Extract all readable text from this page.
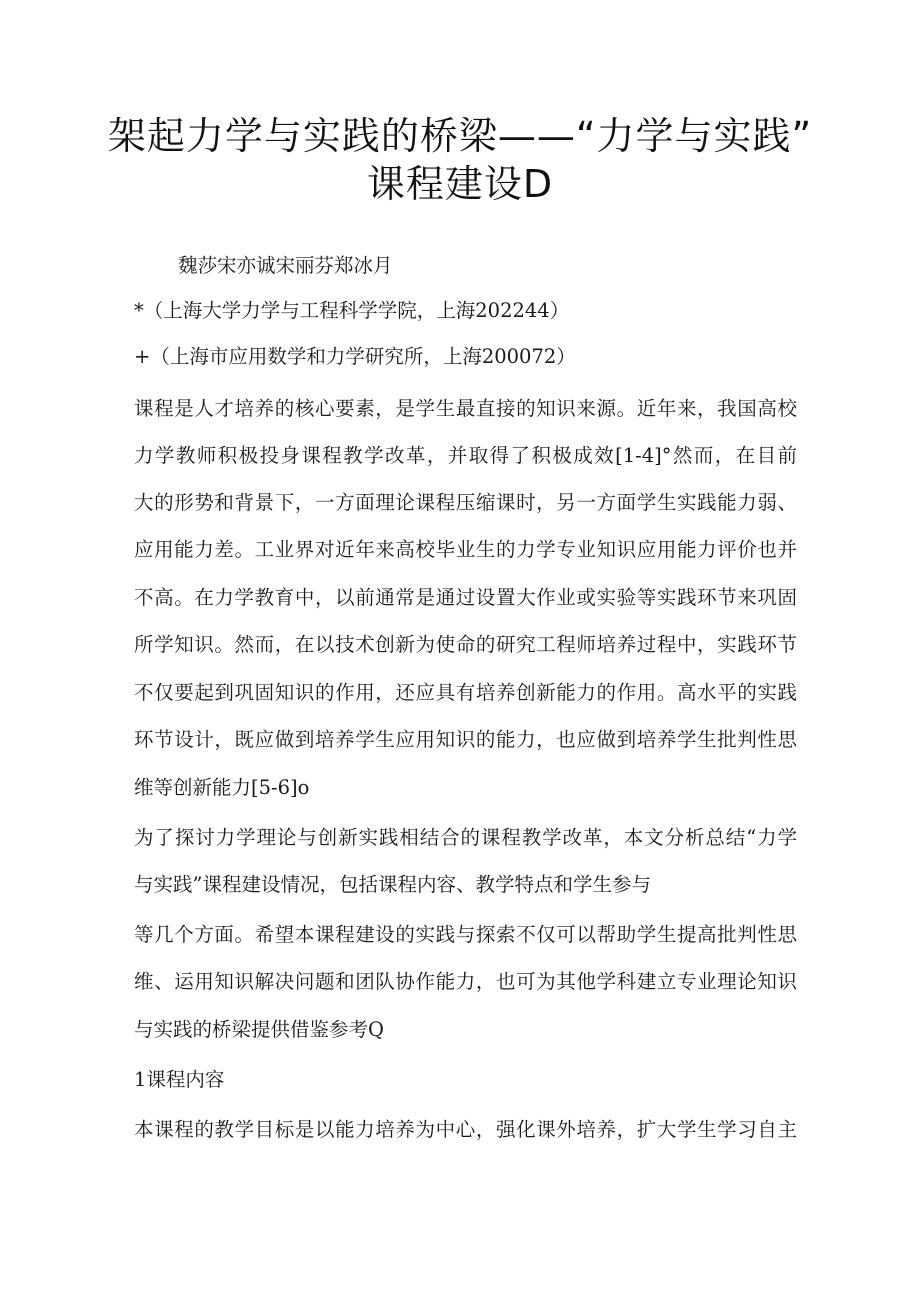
架起力学与实践的桥梁——“力学与实践”
课程建设D
魏莎宋亦诚宋丽芬郑冰月
*（上海大学力学与工程科学学院，上海202244）
+（上海市应用数学和力学研究所，上海200072）
课程是人才培养的核心要素，是学生最直接的知识来源。近年来，我国高校
力学教师积极投身课程教学改革，并取得了积极成效[1-4]°然而，在目前
大的形势和背景下，一方面理论课程压缩课时，另一方面学生实践能力弱、
应用能力差。工业界对近年来高校毕业生的力学专业知识应用能力评价也并
不高。在力学教育中，以前通常是通过设置大作业或实验等实践环节来巩固
所学知识。然而，在以技术创新为使命的研究工程师培养过程中，实践环节
不仅要起到巩固知识的作用，还应具有培养创新能力的作用。高水平的实践
环节设计，既应做到培养学生应用知识的能力，也应做到培养学生批判性思
维等创新能力[5-6]o
为了探讨力学理论与创新实践相结合的课程教学改革，本文分析总结“力学
与实践”课程建设情况，包括课程内容、教学特点和学生参与
等几个方面。希望本课程建设的实践与探索不仅可以帮助学生提高批判性思
维、运用知识解决问题和团队协作能力，也可为其他学科建立专业理论知识
与实践的桥梁提供借鉴参考Q
1课程内容
本课程的教学目标是以能力培养为中心，强化课外培养，扩大学生学习自主
